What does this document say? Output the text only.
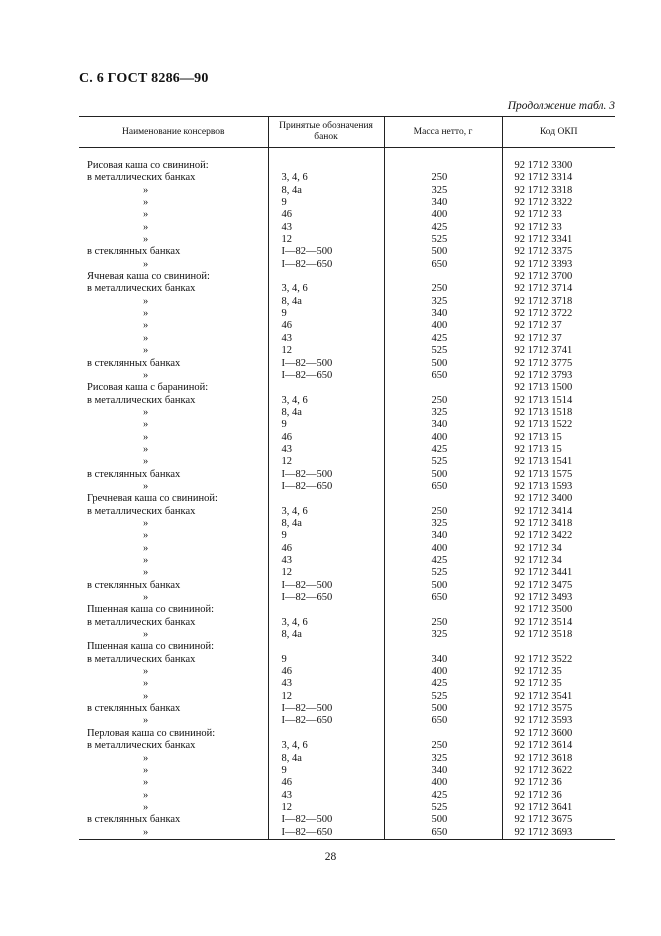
С. 6 ГОСТ 8286—90
Продолжение табл. 3
Наименование консервов	Принятые обозначения банок	Масса нетто, г	Код ОКП

Рисовая каша со свининой:			92 1712 3300
в металлических банках	3, 4, 6	250	92 1712 3314
»	8, 4а	325	92 1712 3318
»	9	340	92 1712 3322
»	46	400	92 1712 33
»	43	425	92 1712 33
»	12	525	92 1712 3341
в стеклянных банках	I—82—500	500	92 1712 3375
»	I—82—650	650	92 1712 3393
Ячневая каша со свининой:			92 1712 3700
в металлических банках	3, 4, 6	250	92 1712 3714
»	8, 4а	325	92 1712 3718
»	9	340	92 1712 3722
»	46	400	92 1712 37
»	43	425	92 1712 37
»	12	525	92 1712 3741
в стеклянных банках	I—82—500	500	92 1712 3775
»	I—82—650	650	92 1712 3793
Рисовая каша с бараниной:			92 1713 1500
в металлических банках	3, 4, 6	250	92 1713 1514
»	8, 4а	325	92 1713 1518
»	9	340	92 1713 1522
»	46	400	92 1713 15
»	43	425	92 1713 15
»	12	525	92 1713 1541
в стеклянных банках	I—82—500	500	92 1713 1575
»	I—82—650	650	92 1713 1593
Гречневая каша со свининой:			92 1712 3400
в металлических банках	3, 4, 6	250	92 1712 3414
»	8, 4а	325	92 1712 3418
»	9	340	92 1712 3422
»	46	400	92 1712 34
»	43	425	92 1712 34
»	12	525	92 1712 3441
в стеклянных банках	I—82—500	500	92 1712 3475
»	I—82—650	650	92 1712 3493
Пшенная каша со свининой:			92 1712 3500
в металлических банках	3, 4, 6	250	92 1712 3514
»	8, 4а	325	92 1712 3518
Пшенная каша со свининой:			
в металлических банках	9	340	92 1712 3522
»	46	400	92 1712 35
»	43	425	92 1712 35
»	12	525	92 1712 3541
в стеклянных банках	I—82—500	500	92 1712 3575
»	I—82—650	650	92 1712 3593
Перловая каша со свининой:			92 1712 3600
в металлических банках	3, 4, 6	250	92 1712 3614
»	8, 4а	325	92 1712 3618
»	9	340	92 1712 3622
»	46	400	92 1712 36
»	43	425	92 1712 36
»	12	525	92 1712 3641
в стеклянных банках	I—82—500	500	92 1712 3675
»	I—82—650	650	92 1712 3693
28
